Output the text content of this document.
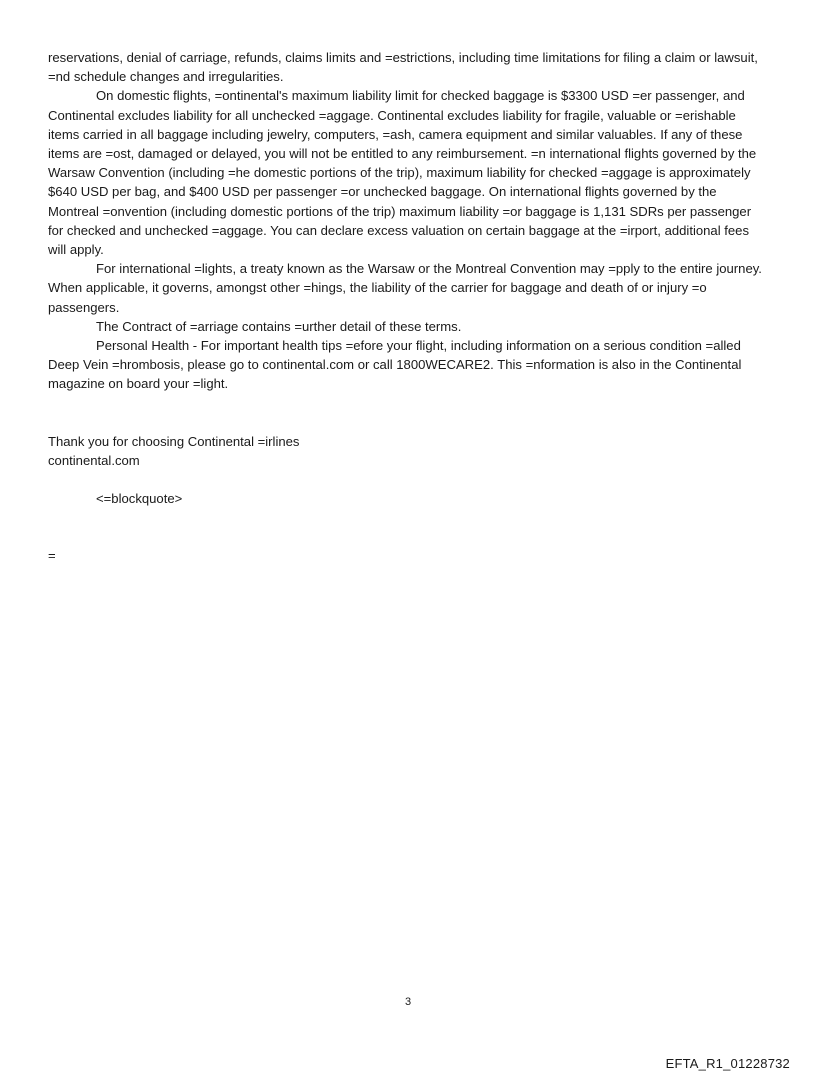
reservations, denial of carriage, refunds, claims limits and =estrictions, including time limitations for filing a claim or lawsuit, =nd schedule changes and irregularities.

On domestic flights, =ontinental's maximum liability limit for checked baggage is $3300 USD =er passenger, and Continental excludes liability for all unchecked =aggage. Continental excludes liability for fragile, valuable or =erishable items carried in all baggage including jewelry, computers, =ash, camera equipment and similar valuables. If any of these items are =ost, damaged or delayed, you will not be entitled to any reimbursement. =n international flights governed by the Warsaw Convention (including =he domestic portions of the trip), maximum liability for checked =aggage is approximately $640 USD per bag, and $400 USD per passenger =or unchecked baggage. On international flights governed by the Montreal =onvention (including domestic portions of the trip) maximum liability =or baggage is 1,131 SDRs per passenger for checked and unchecked =aggage. You can declare excess valuation on certain baggage at the =irport, additional fees will apply.

For international =lights, a treaty known as the Warsaw or the Montreal Convention may =pply to the entire journey. When applicable, it governs, amongst other =hings, the liability of the carrier for baggage and death of or injury =o passengers.

The Contract of =arriage contains =urther detail of these terms.

Personal Health - For important health tips =efore your flight, including information on a serious condition =alled Deep Vein =hrombosis, please go to continental.com or call 1800WECARE2. This =nformation is also in the Continental magazine on board your =light.

Thank you for choosing Continental =irlines

continental.com

<=blockquote>

=

3
EFTA_R1_01228732
